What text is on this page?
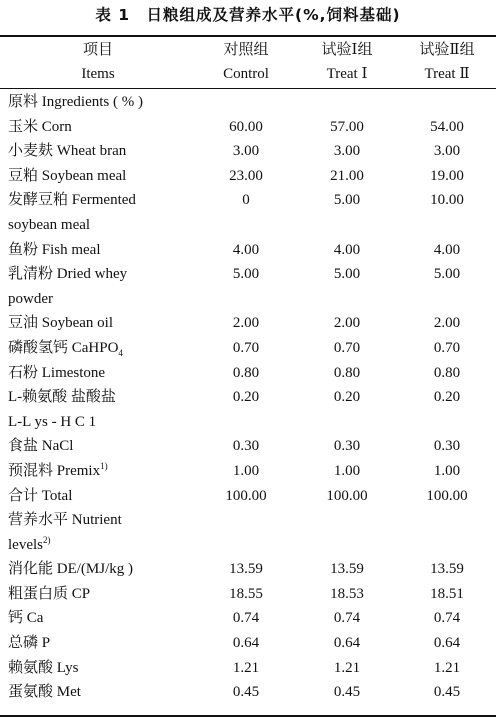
表 1　日粮组成及营养水平(%,饲料基础)
项目	对照组	试验Ⅰ组	试验Ⅱ组
Items	Control	Treat Ⅰ	Treat Ⅱ
原料 Ingredients ( % )			
玉米 Corn	60.00	57.00	54.00
小麦麸 Wheat bran	3.00	3.00	3.00
豆粕 Soybean meal	23.00	21.00	19.00
发酵豆粕 Fermented	0	5.00	10.00
soybean meal			
鱼粉 Fish meal	4.00	4.00	4.00
乳清粉 Dried whey	5.00	5.00	5.00
powder			
豆油 Soybean oil	2.00	2.00	2.00
磷酸氢钙 CaHPO$_4$	0.70	0.70	0.70
石粉 Limestone	0.80	0.80	0.80
L-赖氨酸 盐酸盐	0.20	0.20	0.20
L-L ys - H C 1			
食盐 NaCl	0.30	0.30	0.30
预混料 Premix$^{1)}$	1.00	1.00	1.00
合计 Total	100.00	100.00	100.00
营养水平 Nutrient			
levels$^{2)}$			
消化能 DE/(MJ/kg )	13.59	13.59	13.59
粗蛋白质 CP	18.55	18.53	18.51
钙 Ca	0.74	0.74	0.74
总磷 P	0.64	0.64	0.64
赖氨酸 Lys	1.21	1.21	1.21
蛋氨酸 Met	0.45	0.45	0.45
